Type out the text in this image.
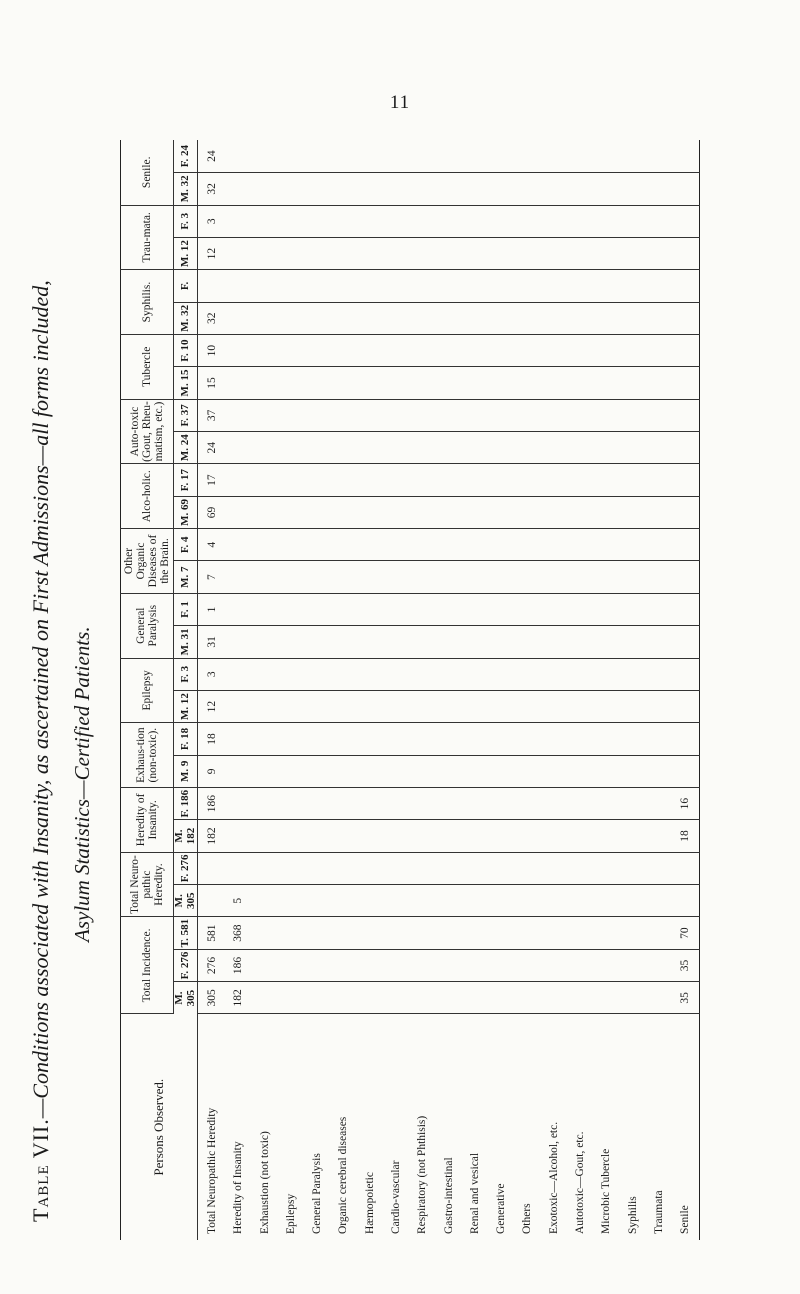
11
Table VII.—Conditions associated with Insanity, as ascertained on First Admissions—all forms included, Asylum Statistics—Certified Patients.
Persons Observed.	Total Incidence.			Total Neuro-pathic Heredity.		Heredity of Insanity.		Exhaus-tion (non-toxic).		Epilepsy		General Paralysis		Other Organic Diseases of the Brain.		Alco-holic.		Auto-toxic (Gout, Rheu-matism, etc.)		Tubercle		Syphilis.		Trau-mata.		Senile.	
	M. 305	F. 276	T. 581	M. 305	F. 276	M. 182	F. 186	M. 9	F. 18	M. 12	F. 3	M. 31	F. 1	M. 7	F. 4	M. 69	F. 17	M. 24	F. 37	M. 15	F. 10	M. 32	F.	M. 12	F. 3	M. 32	F. 24
Total Neuropathic Heredity	305	276	581			182	186	9	18	12	3	31	1	7	4	69	17	24	37	15	10	32		12	3	32	24
Heredity of Insanity	182	186	368	5																							
Exhaustion (not toxic)																											
Epilepsy																											
General Paralysis																											
Organic cerebral diseases																											
Hæmopoietic																											
Cardio-vascular																											
Respiratory (not Phthisis)																											
Gastro-intestinal																											
Renal and vesical																											
Generative																											
Others																											
Exotoxic—Alcohol, etc.																											
Autotoxic—Gout, etc.																											
Microbic Tubercle																											
Syphilis																											
Traumata																											
Senile	35	35	70			18	16																				
